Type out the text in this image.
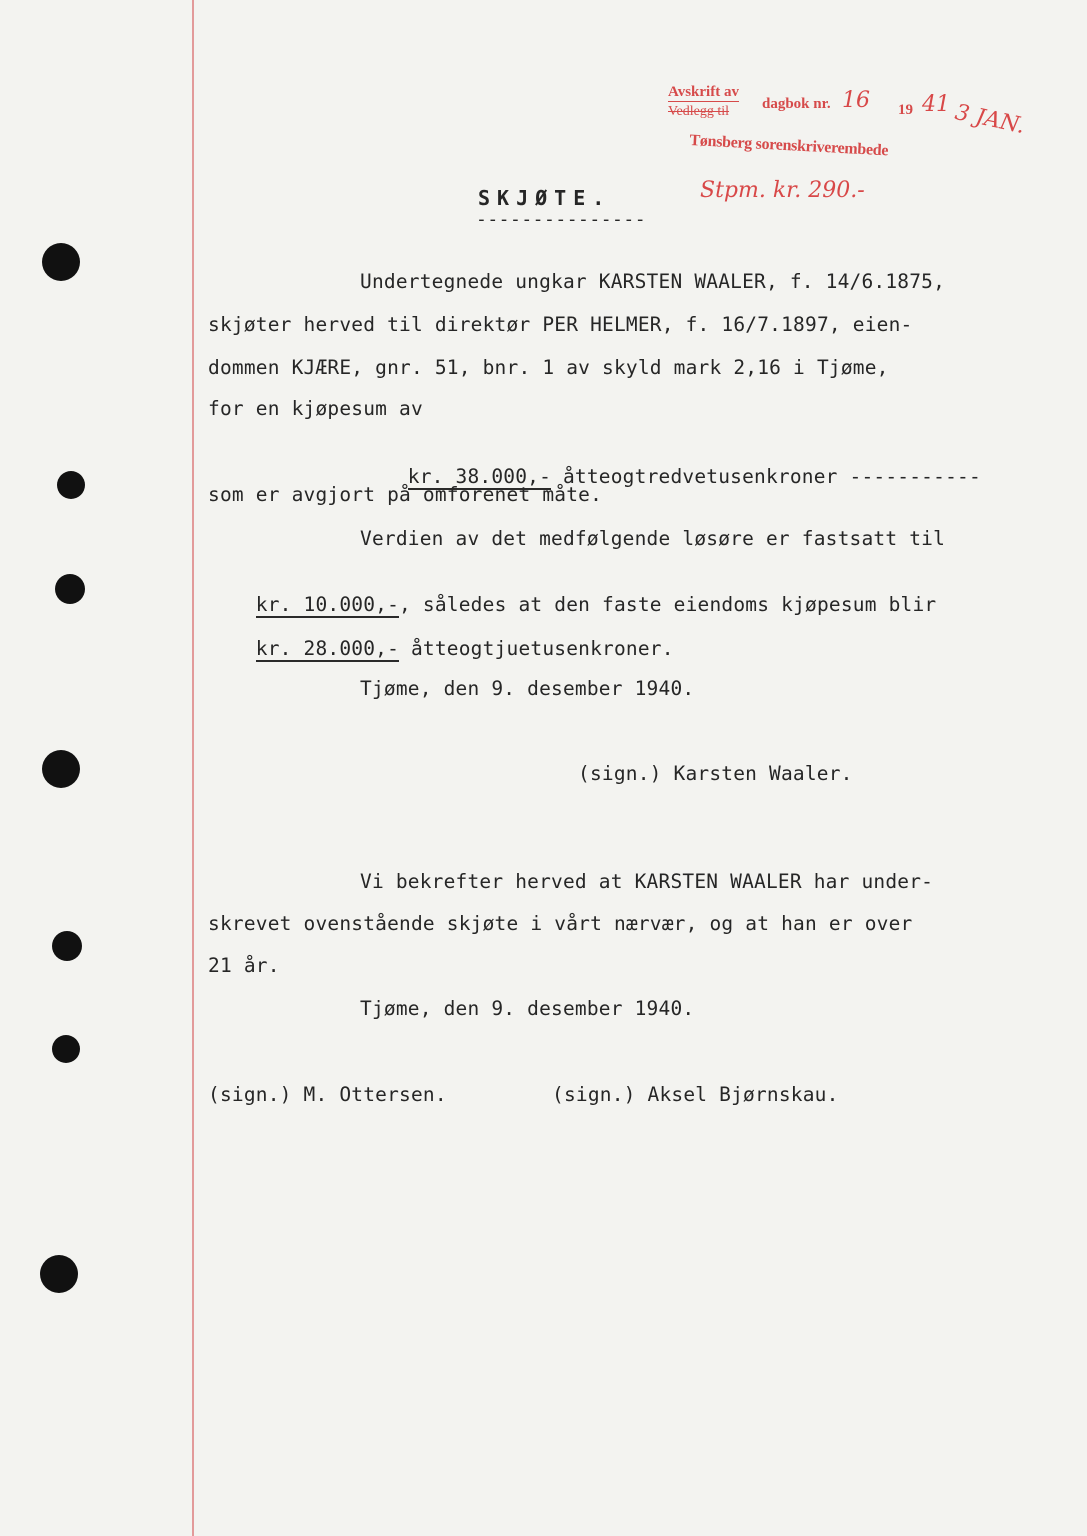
Avskrift av
Vedlegg til dagbok nr. 16 19 41 3 JAN.
Tønsberg sorenskriverembede
Stpm. kr. 290.-
SKJØTE.
---------------
Undertegnede ungkar KARSTEN WAALER, f. 14/6.1875,
skjøter herved til direktør PER HELMER, f. 16/7.1897, eien-
dommen KJÆRE, gnr. 51, bnr. 1 av skyld mark 2,16 i Tjøme,
for en kjøpesum av

kr. 38.000,- åtteogtredvetusenkroner -----------

som er avgjort på omforenet måte.
Verdien av det medfølgende løsøre er fastsatt til

kr. 10.000,-, således at den faste eiendoms kjøpesum blir

kr. 28.000,- åtteogtjuetusenkroner.

Tjøme, den 9. desember 1940.
(sign.) Karsten Waaler.
Vi bekrefter herved at KARSTEN WAALER har under-
skrevet ovenstående skjøte i vårt nærvær, og at han er over
21 år.
Tjøme, den 9. desember 1940.
(sign.) M. Ottersen.	(sign.) Aksel Bjørnskau.
